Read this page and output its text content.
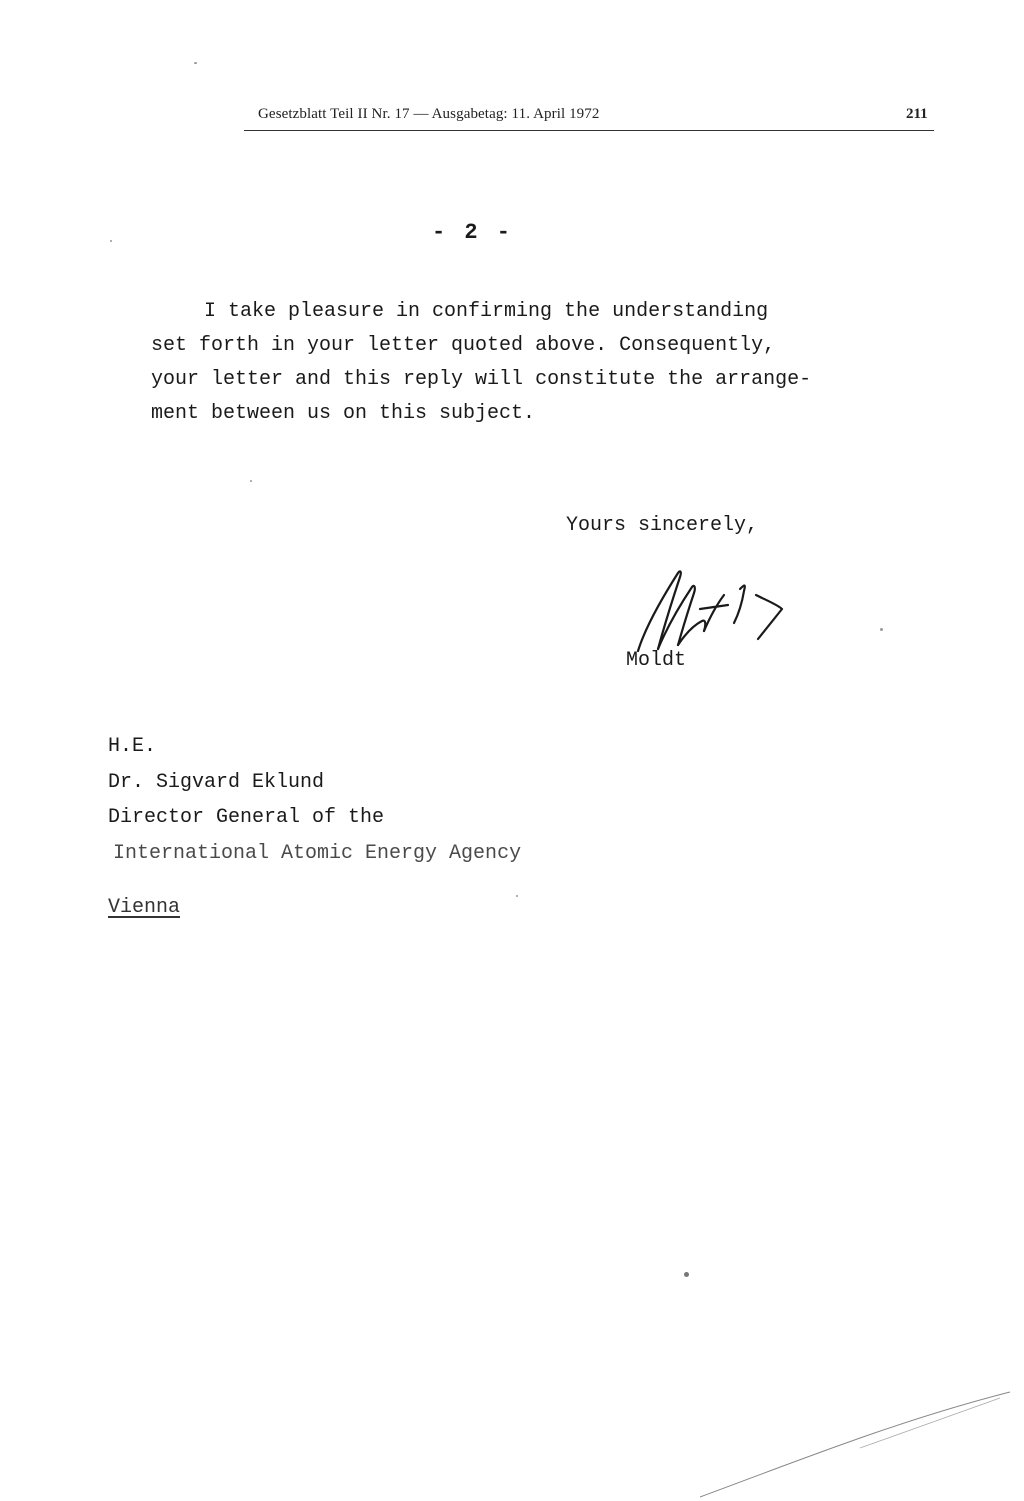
Gesetzblatt Teil II Nr. 17 — Ausgabetag: 11. April 1972	211
- 2 -
I take pleasure in confirming the understanding
set forth in your letter quoted above. Consequently,
your letter and this reply will constitute the arrange-
ment between us on this subject.
Yours sincerely,
Moldt
H.E.
Dr. Sigvard Eklund
Director General of the
International Atomic Energy Agency
Vienna
